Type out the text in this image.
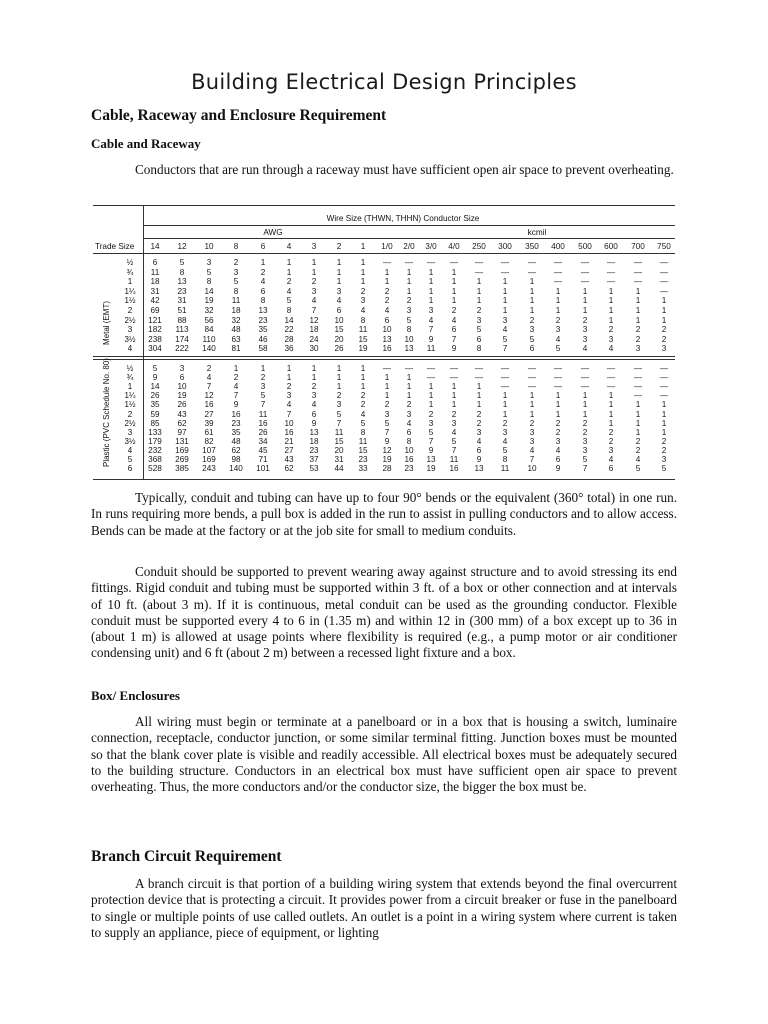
Building Electrical Design Principles
Cable, Raceway and Enclosure Requirement
Cable and Raceway
Conductors that are run through a raceway must have sufficient open air space to prevent overheating.
Wire Size (THWN, THHN) Conductor Size
AWG	kcmil
Trade Size	14	12	10	8	6	4	3	2	1	1/0	2/0	3/0	4/0	250	300	350	400	500	600	700	750
Metal (EMT)
½	6	5	3	2	1	1	1	1	1	—	—	—	—	—	—	—	—	—	—	—	—
¾	11	8	5	3	2	1	1	1	1	1	1	1	1	—	—	—	—	—	—	—	—
1	18	13	8	5	4	2	2	1	1	1	1	1	1	1	1	1	—	—	—	—	—
1¼	31	23	14	8	6	4	3	3	2	2	1	1	1	1	1	1	1	1	1	1	—
1½	42	31	19	11	8	5	4	4	3	2	2	1	1	1	1	1	1	1	1	1	1
2	69	51	32	18	13	8	7	6	4	4	3	3	2	2	1	1	1	1	1	1	1
2½	121	88	56	32	23	14	12	10	8	6	5	4	4	3	3	2	2	2	1	1	1
3	182	113	84	48	35	22	18	15	11	10	8	7	6	5	4	3	3	3	2	2	2
3½	238	174	110	63	46	28	24	20	15	13	10	9	7	6	5	5	4	3	3	2	2
4	304	222	140	81	58	36	30	26	19	16	13	11	9	8	7	6	5	4	4	3	3
Plastic (PVC Schedule No. 80)	½	5	3	2	1	1	1	1	1	1	—	—	—	—	—	—	—	—	—	—	—	—
¾	9	6	4	2	2	1	1	1	1	1	1	—	—	—	—	—	—	—	—	—	—
1	14	10	7	4	3	2	2	1	1	1	1	1	1	1	—	—	—	—	—	—	—
1¼	26	19	12	7	5	3	3	2	2	1	1	1	1	1	1	1	1	1	1	—	—
1½	35	26	16	9	7	4	4	3	2	2	2	1	1	1	1	1	1	1	1	1	1
2	59	43	27	16	11	7	6	5	4	3	3	2	2	2	1	1	1	1	1	1	1
2½	85	62	39	23	16	10	9	7	5	5	4	3	3	2	2	2	2	2	1	1	1
3	133	97	61	35	26	16	13	11	8	7	6	5	4	3	3	3	2	2	2	1	1
3½	179	131	82	48	34	21	18	15	11	9	8	7	5	4	4	3	3	3	2	2	2
4	232	169	107	62	45	27	23	20	15	12	10	9	7	6	5	4	4	3	3	2	2
5	368	269	169	98	71	43	37	31	23	19	16	13	11	9	8	7	6	5	4	4	3
6	528	385	243	140	101	62	53	44	33	28	23	19	16	13	11	10	9	7	6	5	5
Typically, conduit and tubing can have up to four 90° bends or the equivalent (360° total) in one run. In runs requiring more bends, a pull box is added in the run to assist in pulling conductors and to allow access. Bends can be made at the factory or at the job site for small to medium conduits.
Conduit should be supported to prevent wearing away against structure and to avoid stressing its end fittings. Rigid conduit and tubing must be supported within 3 ft. of a box or other connection and at intervals of 10 ft. (about 3 m). If it is continuous, metal conduit can be used as the grounding conductor. Flexible conduit must be supported every 4 to 6 in (1.35 m) and within 12 in (300 mm) of a box except up to 36 in (about 1 m) is allowed at usage points where flexibility is required (e.g., a pump motor or air conditioner condensing unit) and 6 ft (about 2 m) between a recessed light fixture and a box.
Box/ Enclosures
All wiring must begin or terminate at a panelboard or in a box that is housing a switch, luminaire connection, receptacle, conductor junction, or some similar terminal fitting. Junction boxes must be mounted so that the blank cover plate is visible and readily accessible. All electrical boxes must be adequately secured to the building structure. Conductors in an electrical box must have sufficient open air space to prevent overheating. Thus, the more conductors and/or the conductor size, the bigger the box must be.
Branch Circuit Requirement
A branch circuit is that portion of a building wiring system that extends beyond the final overcurrent protection device that is protecting a circuit. It provides power from a circuit breaker or fuse in the panelboard to single or multiple points of use called outlets. An outlet is a point in a wiring system where current is taken to supply an appliance, piece of equipment, or lighting
